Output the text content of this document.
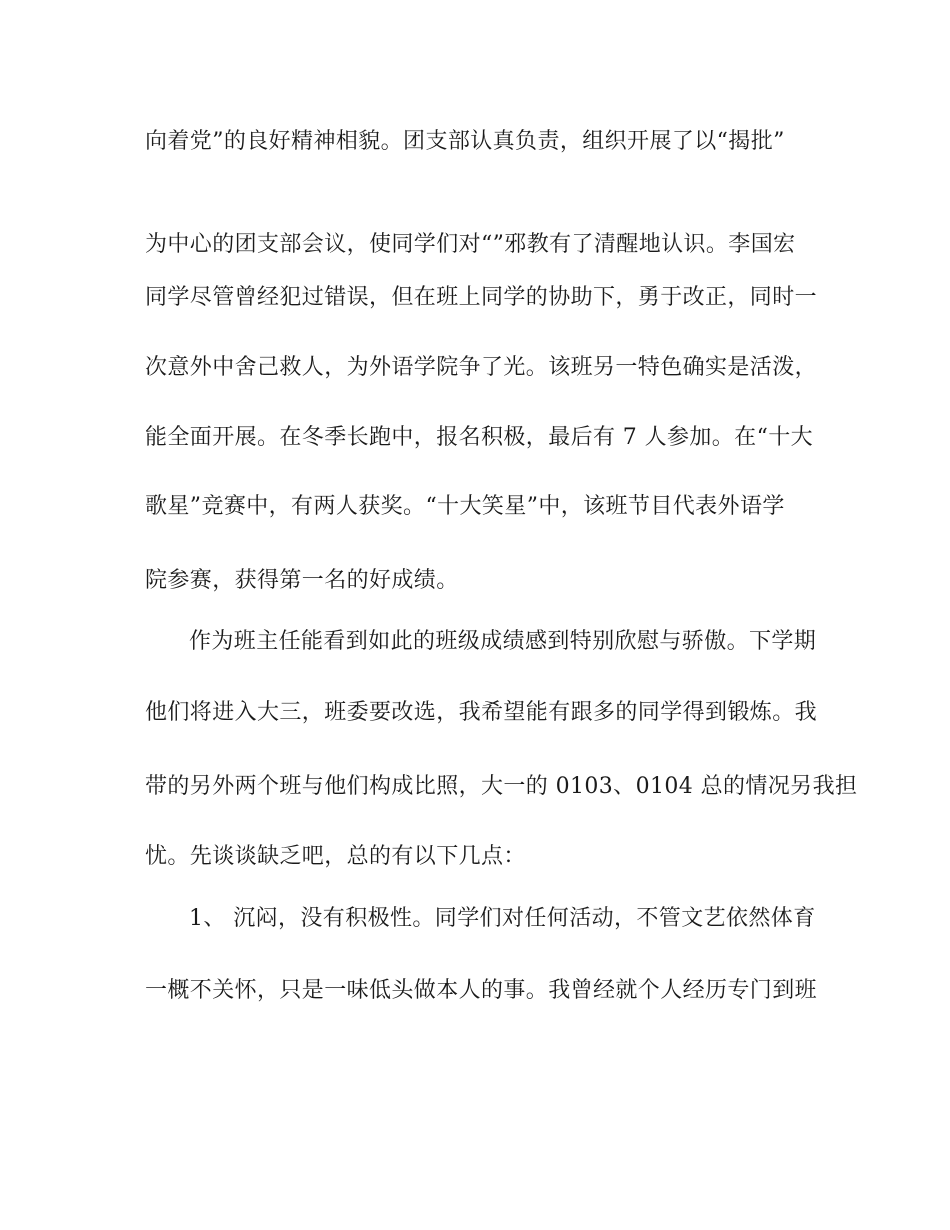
向着党”的良好精神相貌。团支部认真负责，组织开展了以“揭批”
为中心的团支部会议，使同学们对“”邪教有了清醒地认识。李国宏
同学尽管曾经犯过错误，但在班上同学的协助下，勇于改正，同时一
次意外中舍己救人，为外语学院争了光。该班另一特色确实是活泼，
能全面开展。在冬季长跑中，报名积极，最后有 7 人参加。在“十大
歌星”竞赛中，有两人获奖。“十大笑星”中，该班节目代表外语学
院参赛，获得第一名的好成绩。
作为班主任能看到如此的班级成绩感到特别欣慰与骄傲。下学期
他们将进入大三，班委要改选，我希望能有跟多的同学得到锻炼。我
带的另外两个班与他们构成比照，大一的 0103、0104 总的情况另我担
忧。先谈谈缺乏吧，总的有以下几点：
1、 沉闷，没有积极性。同学们对任何活动，不管文艺依然体育
一概不关怀，只是一味低头做本人的事。我曾经就个人经历专门到班
